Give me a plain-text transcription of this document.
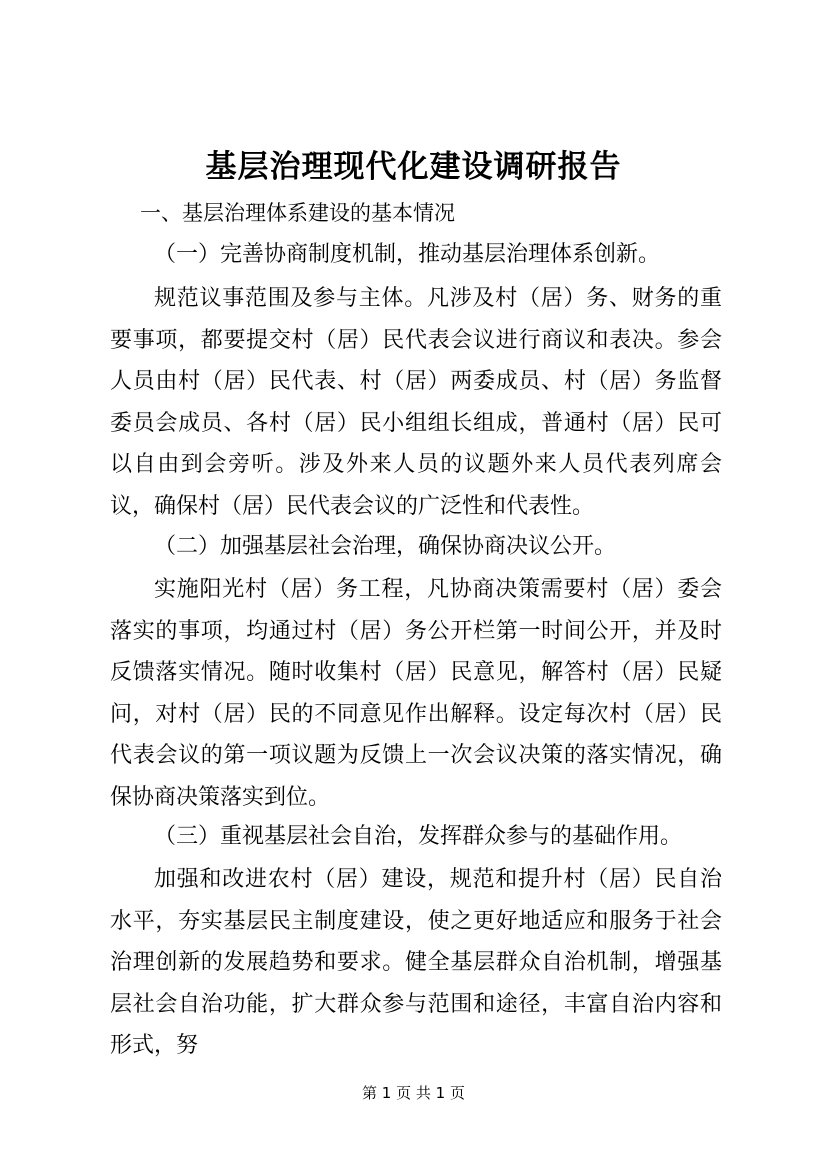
基层治理现代化建设调研报告

一、基层治理体系建设的基本情况

（一）完善协商制度机制，推动基层治理体系创新。

规范议事范围及参与主体。凡涉及村（居）务、财务的重要事项，都要提交村（居）民代表会议进行商议和表决。参会人员由村（居）民代表、村（居）两委成员、村（居）务监督委员会成员、各村（居）民小组组长组成，普通村（居）民可以自由到会旁听。涉及外来人员的议题外来人员代表列席会议，确保村（居）民代表会议的广泛性和代表性。

（二）加强基层社会治理，确保协商决议公开。

实施阳光村（居）务工程，凡协商决策需要村（居）委会落实的事项，均通过村（居）务公开栏第一时间公开，并及时反馈落实情况。随时收集村（居）民意见，解答村（居）民疑问，对村（居）民的不同意见作出解释。设定每次村（居）民代表会议的第一项议题为反馈上一次会议决策的落实情况，确保协商决策落实到位。

（三）重视基层社会自治，发挥群众参与的基础作用。

加强和改进农村（居）建设，规范和提升村（居）民自治水平，夯实基层民主制度建设，使之更好地适应和服务于社会治理创新的发展趋势和要求。健全基层群众自治机制，增强基层社会自治功能，扩大群众参与范围和途径，丰富自治内容和形式，努

第 1 页 共 1 页
